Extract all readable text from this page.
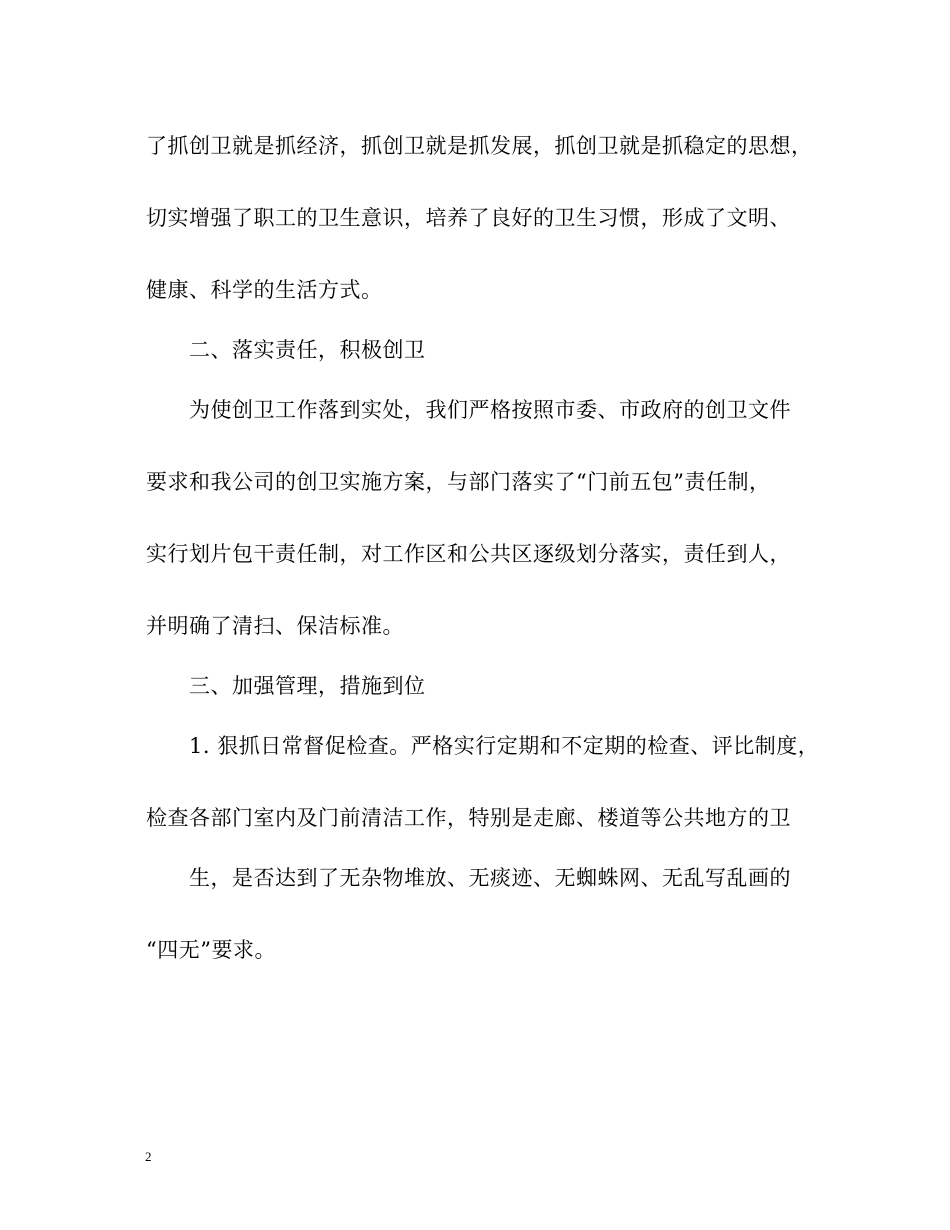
了抓创卫就是抓经济，抓创卫就是抓发展，抓创卫就是抓稳定的思想，
切实增强了职工的卫生意识，培养了良好的卫生习惯，形成了文明、
健康、科学的生活方式。
二、落实责任，积极创卫
为使创卫工作落到实处，我们严格按照市委、市政府的创卫文件
要求和我公司的创卫实施方案，与部门落实了“门前五包”责任制，
实行划片包干责任制，对工作区和公共区逐级划分落实，责任到人，
并明确了清扫、保洁标准。
三、加强管理，措施到位
1. 狠抓日常督促检查。严格实行定期和不定期的检查、评比制度，
检查各部门室内及门前清洁工作，特别是走廊、楼道等公共地方的卫
生，是否达到了无杂物堆放、无痰迹、无蜘蛛网、无乱写乱画的
“四无”要求。
2
